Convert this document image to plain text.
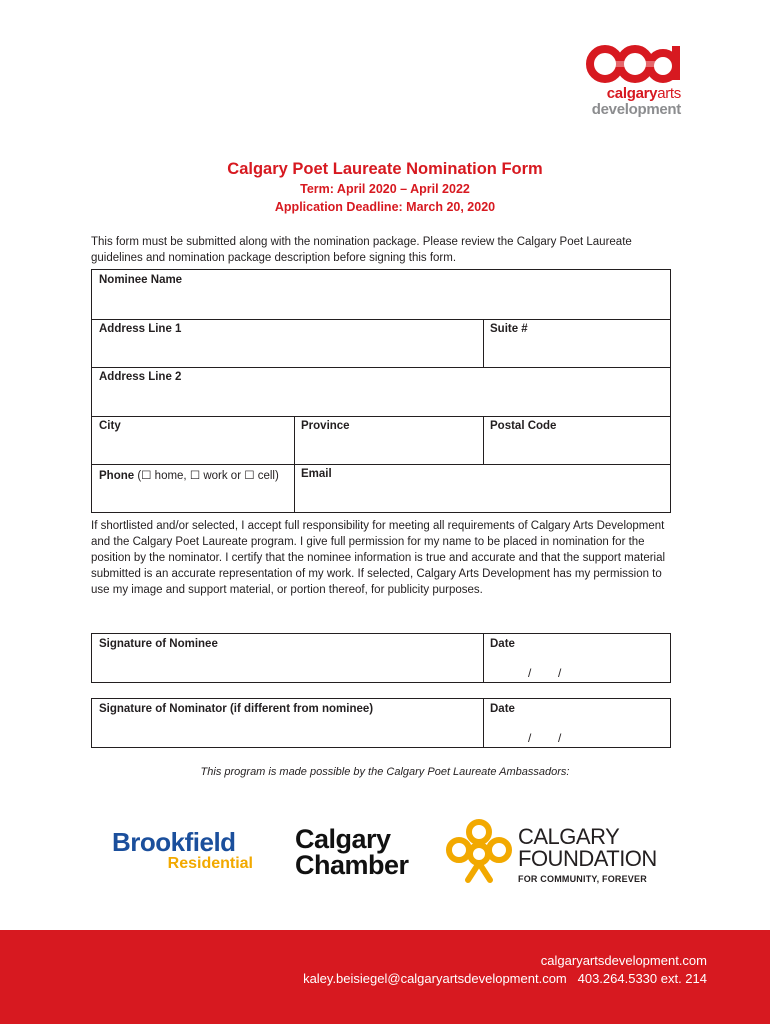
calgaryarts
development
Calgary Poet Laureate Nomination Form
Term: April 2020 – April 2022
Application Deadline: March 20, 2020
This form must be submitted along with the nomination package. Please review the Calgary Poet Laureate guidelines and nomination package description before signing this form.
Nominee Name
Address Line 1	Suite #
Address Line 2
City	Province	Postal Code
Phone (☐ home, ☐ work or ☐ cell)	Email
If shortlisted and/or selected, I accept full responsibility for meeting all requirements of Calgary Arts Development and the Calgary Poet Laureate program. I give full permission for my name to be placed in nomination for the position by the nominator. I certify that the nominee information is true and accurate and that the support material submitted is an accurate representation of my work. If selected, Calgary Arts Development has my permission to use my image and support material, or portion thereof, for publicity purposes.
Signature of Nominee	Date
/ /
Signature of Nominator (if different from nominee)	Date
/ /
This program is made possible by the Calgary Poet Laureate Ambassadors:
Brookfield
Residential
Calgary
Chamber
CALGARY
FOUNDATION
FOR COMMUNITY, FOREVER
calgaryartsdevelopment.com
kaley.beisiegel@calgaryartsdevelopment.com 403.264.5330 ext. 214
